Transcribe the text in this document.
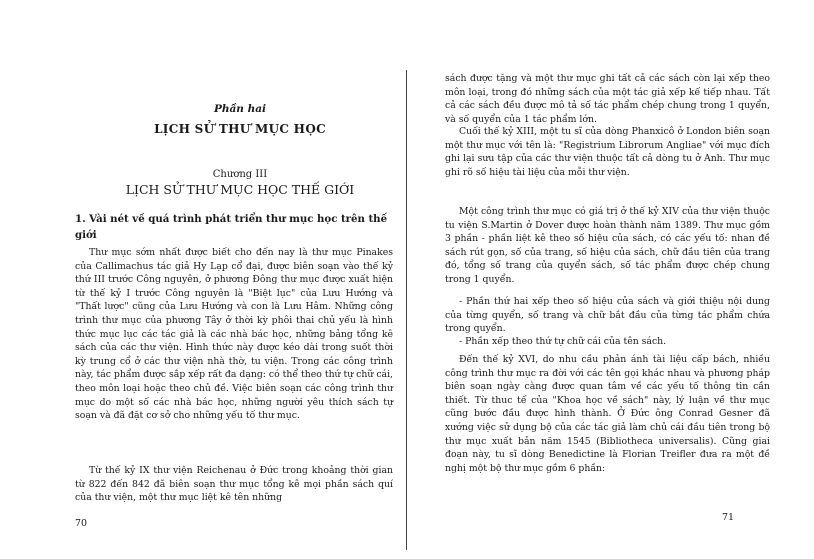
Phần hai
LỊCH SỬ THƯ MỤC HỌC
Chương III
LỊCH SỬ THƯ MỤC HỌC THẾ GIỚI
1. Vài nét về quá trình phát triển thư mục học trên thế giới
Thư mục sớm nhất được biết cho đến nay là thư mục Pinakes của Callimachus tác giả Hy Lạp cổ đại, được biên soạn vào thế kỷ thứ III trước Công nguyên, ở phương Đông thư mục được xuất hiện từ thế kỷ I trước Công nguyên là "Biệt lục" của Lưu Hướng và "Thất lược" cũng của Lưu Hướng và con là Lưu Hâm. Những công trình thư mục của phương Tây ở thời kỳ phôi thai chủ yếu là hình thức mục lục các tác giả là các nhà bác học, những bảng tổng kê sách của các thư viện. Hình thức này được kéo dài trong suốt thời kỳ trung cổ ở các thư viện nhà thờ, tu viện. Trong các công trình này, tác phẩm được sắp xếp rất đa dạng: có thể theo thứ tự chữ cái, theo môn loại hoặc theo chủ đề. Việc biên soạn các công trình thư mục do một số các nhà bác học, những người yêu thích sách tự soạn và đã đặt cơ sở cho những yếu tố thư mục.
Từ thế kỷ IX thư viện Reichenau ở Đức trong khoảng thời gian từ 822 đến 842 đã biên soạn thư mục tổng kê mọi phần sách quí của thư viện, một thư mục liệt kê tên những
70
sách được tặng và một thư mục ghi tất cả các sách còn lại xếp theo môn loại, trong đó những sách của một tác giả xếp kế tiếp nhau. Tất cả các sách đều được mô tả số tác phẩm chép chung trong 1 quyển, và số quyển của 1 tác phẩm lớn.
Cuối thế kỷ XIII, một tu sĩ của dòng Phanxicô ở London biên soạn một thư mục với tên là: "Registrium Librorum Angliae" với mục đích ghi lại sưu tập của các thư viện thuộc tất cả dòng tu ở Anh. Thư mục ghi rõ số hiệu tài liệu của mỗi thư viện.
Một công trình thư mục có giá trị ở thế kỷ XIV của thư viện thuộc tu viện S.Martin ở Dover được hoàn thành năm 1389. Thư mục gồm 3 phần - phần liệt kê theo số hiệu của sách, có các yếu tố: nhan đề sách rút gọn, số của trang, số hiệu của sách, chữ đầu tiên của trang đó, tổng số trang của quyển sách, số tác phẩm được chép chung trong 1 quyển.
- Phần thứ hai xếp theo số hiệu của sách và giới thiệu nội dung của từng quyển, số trang và chữ bắt đầu của từng tác phẩm chứa trong quyển.
- Phần xếp theo thứ tự chữ cái của tên sách.
Đến thế kỷ XVI, do nhu cầu phản ánh tài liệu cấp bách, nhiều công trình thư mục ra đời với các tên gọi khác nhau và phương pháp biên soạn ngày càng được quan tâm về các yếu tố thông tin cần thiết. Từ thuc tế của "Khoa học về sách" này, lý luận về thư mục cũng bước đầu được hình thành. Ở Đức ông Conrad Gesner đã xướng việc sử dụng bộ của các tác giả làm chủ cái đầu tiên trong bộ thư mục xuất bản năm 1545 (Bibliotheca universalis). Cũng giai đoạn này, tu sĩ dòng Benedictine là Florian Treifler đưa ra một đề nghị một bộ thư mục gồm 6 phần:
71
